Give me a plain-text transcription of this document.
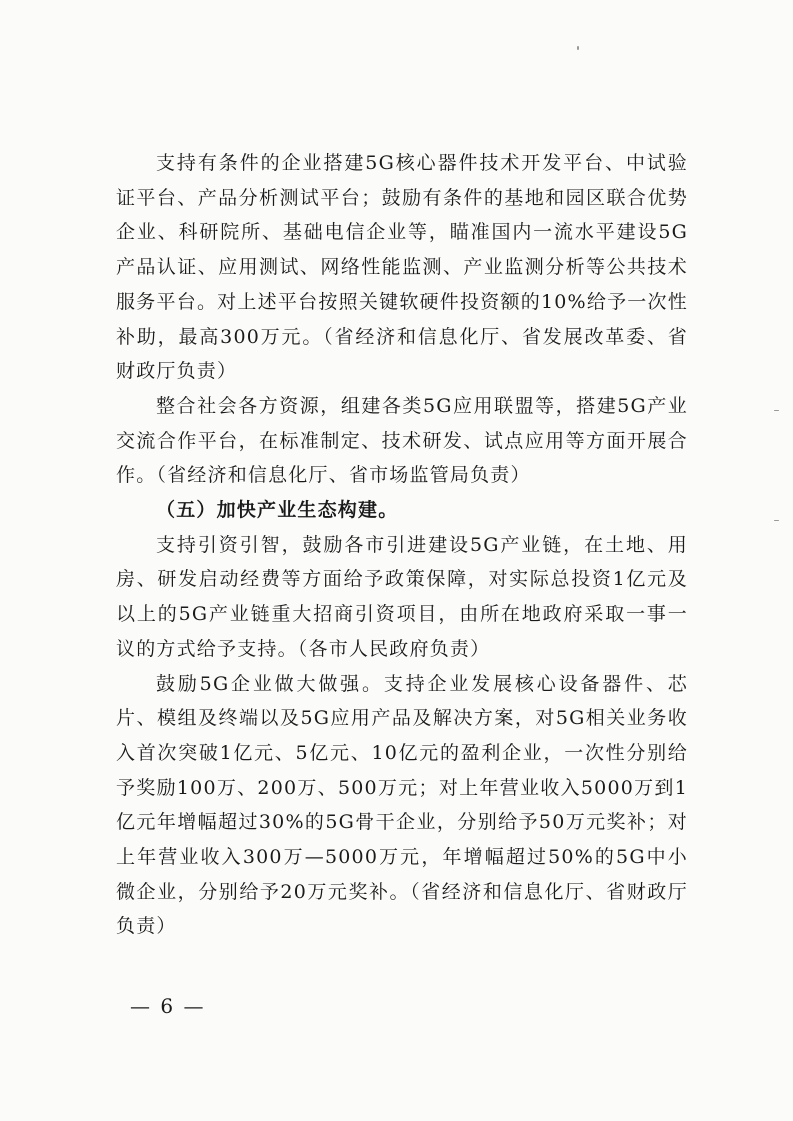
支持有条件的企业搭建5G核心器件技术开发平台、中试验证平台、产品分析测试平台；鼓励有条件的基地和园区联合优势企业、科研院所、基础电信企业等，瞄准国内一流水平建设5G产品认证、应用测试、网络性能监测、产业监测分析等公共技术服务平台。对上述平台按照关键软硬件投资额的10%给予一次性补助，最高300万元。（省经济和信息化厅、省发展改革委、省财政厅负责）

整合社会各方资源，组建各类5G应用联盟等，搭建5G产业交流合作平台，在标准制定、技术研发、试点应用等方面开展合作。（省经济和信息化厅、省市场监管局负责）

（五）加快产业生态构建。

支持引资引智，鼓励各市引进建设5G产业链，在土地、用房、研发启动经费等方面给予政策保障，对实际总投资1亿元及以上的5G产业链重大招商引资项目，由所在地政府采取一事一议的方式给予支持。（各市人民政府负责）

鼓励5G企业做大做强。支持企业发展核心设备器件、芯片、模组及终端以及5G应用产品及解决方案，对5G相关业务收入首次突破1亿元、5亿元、10亿元的盈利企业，一次性分别给予奖励100万、200万、500万元；对上年营业收入5000万到1亿元年增幅超过30%的5G骨干企业，分别给予50万元奖补；对上年营业收入300万—5000万元，年增幅超过50%的5G中小微企业，分别给予20万元奖补。（省经济和信息化厅、省财政厅负责）

— 6 —
